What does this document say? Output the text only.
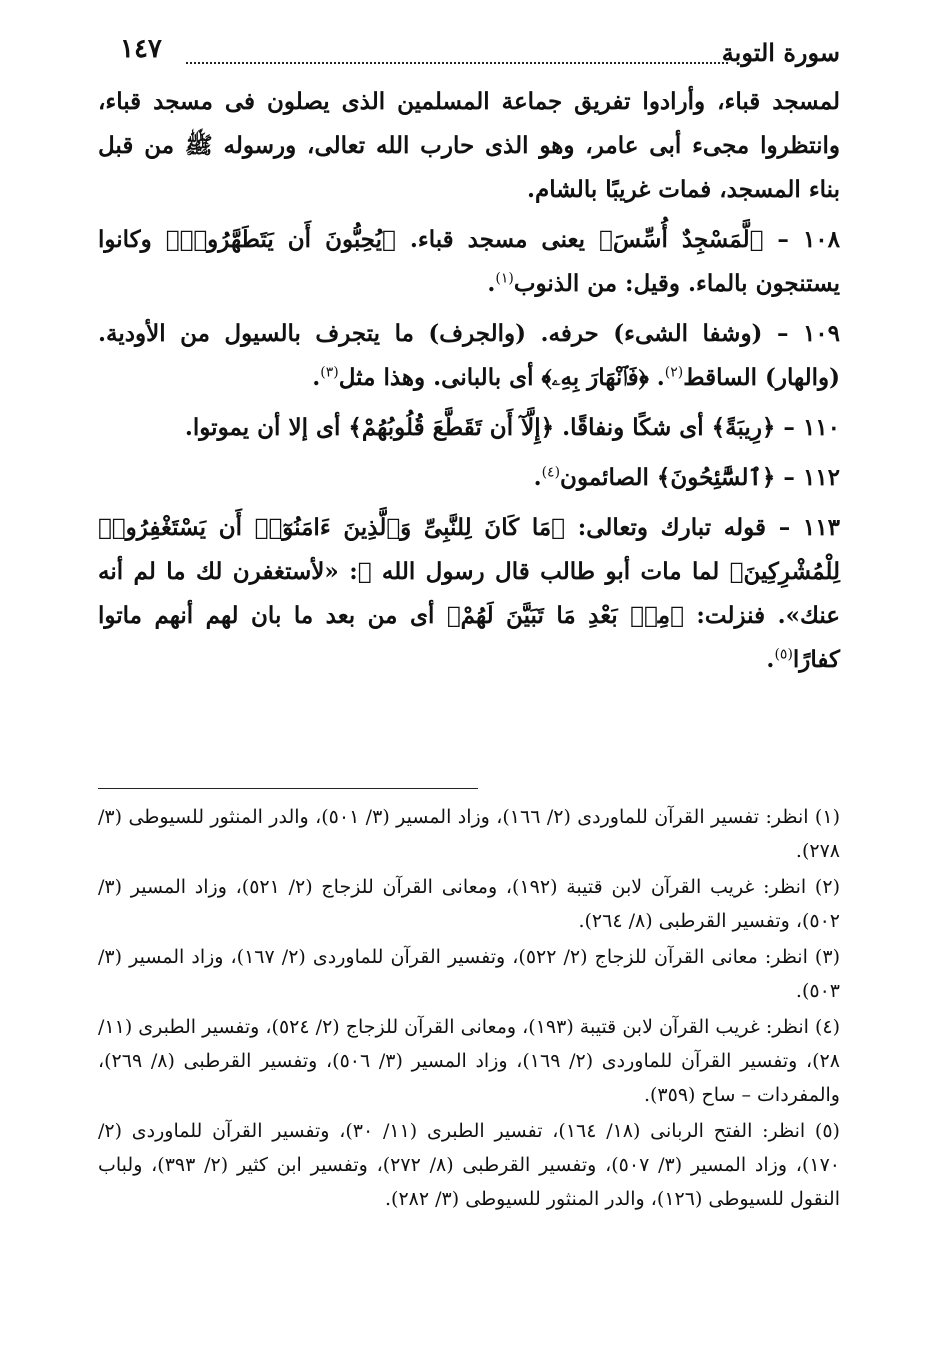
سورة التوبة
١٤٧

لمسجد قباء، وأرادوا تفريق جماعة المسلمين الذى يصلون فى مسجد قباء، وانتظروا مجىء أبى عامر، وهو الذى حارب الله تعالى، ورسوله ﷺ من قبل بناء المسجد، فمات غريبًا بالشام.

١٠٨ – ﴿لَّمَسْجِدٌ أُسِّسَ﴾ يعنى مسجد قباء. ﴿يُحِبُّونَ أَن يَتَطَهَّرُوا۟﴾ وكانوا يستنجون بالماء. وقيل: من الذنوب$^{(١)}$.

١٠٩ – (وشفا الشىء) حرفه. (والجرف) ما يتجرف بالسيول من الأودية. (والهار) الساقط$^{(٢)}$. ﴿فَٱنْهَارَ بِهِۦ﴾ أى بالبانى. وهذا مثل$^{(٣)}$.

١١٠ – ﴿رِيبَةً﴾ أى شكًا ونفاقًا. ﴿إِلَّآ أَن تَقَطَّعَ قُلُوبُهُمْ﴾ أى إلا أن يموتوا.

١١٢ – ﴿ٱلسَّٰٓئِحُونَ﴾ الصائمون$^{(٤)}$.

١١٣ – قوله تبارك وتعالى: ﴿مَا كَانَ لِلنَّبِىِّ وَٱلَّذِينَ ءَامَنُوٓا۟ أَن يَسْتَغْفِرُوا۟ لِلْمُشْرِكِينَ﴾ لما مات أبو طالب قال رسول الله ﷺ: «لأستغفرن لك ما لم أنه عنك». فنزلت: ﴿مِنۢ بَعْدِ مَا تَبَيَّنَ لَهُمْ﴾ أى من بعد ما بان لهم أنهم ماتوا كفارًا$^{(٥)}$.

(١) انظر: تفسير القرآن للماوردى (٢/ ١٦٦)، وزاد المسير (٣/ ٥٠١)، والدر المنثور للسيوطى (٣/ ٢٧٨).

(٢) انظر: غريب القرآن لابن قتيبة (١٩٢)، ومعانى القرآن للزجاج (٢/ ٥٢١)، وزاد المسير (٣/ ٥٠٢)، وتفسير القرطبى (٨/ ٢٦٤).

(٣) انظر: معانى القرآن للزجاج (٢/ ٥٢٢)، وتفسير القرآن للماوردى (٢/ ١٦٧)، وزاد المسير (٣/ ٥٠٣).

(٤) انظر: غريب القرآن لابن قتيبة (١٩٣)، ومعانى القرآن للزجاج (٢/ ٥٢٤)، وتفسير الطبرى (١١/ ٢٨)، وتفسير القرآن للماوردى (٢/ ١٦٩)، وزاد المسير (٣/ ٥٠٦)، وتفسير القرطبى (٨/ ٢٦٩)، والمفردات – ساح (٣٥٩).

(٥) انظر: الفتح الربانى (١٨/ ١٦٤)، تفسير الطبرى (١١/ ٣٠)، وتفسير القرآن للماوردى (٢/ ١٧٠)، وزاد المسير (٣/ ٥٠٧)، وتفسير القرطبى (٨/ ٢٧٢)، وتفسير ابن كثير (٢/ ٣٩٣)، ولباب النقول للسيوطى (١٢٦)، والدر المنثور للسيوطى (٣/ ٢٨٢).
